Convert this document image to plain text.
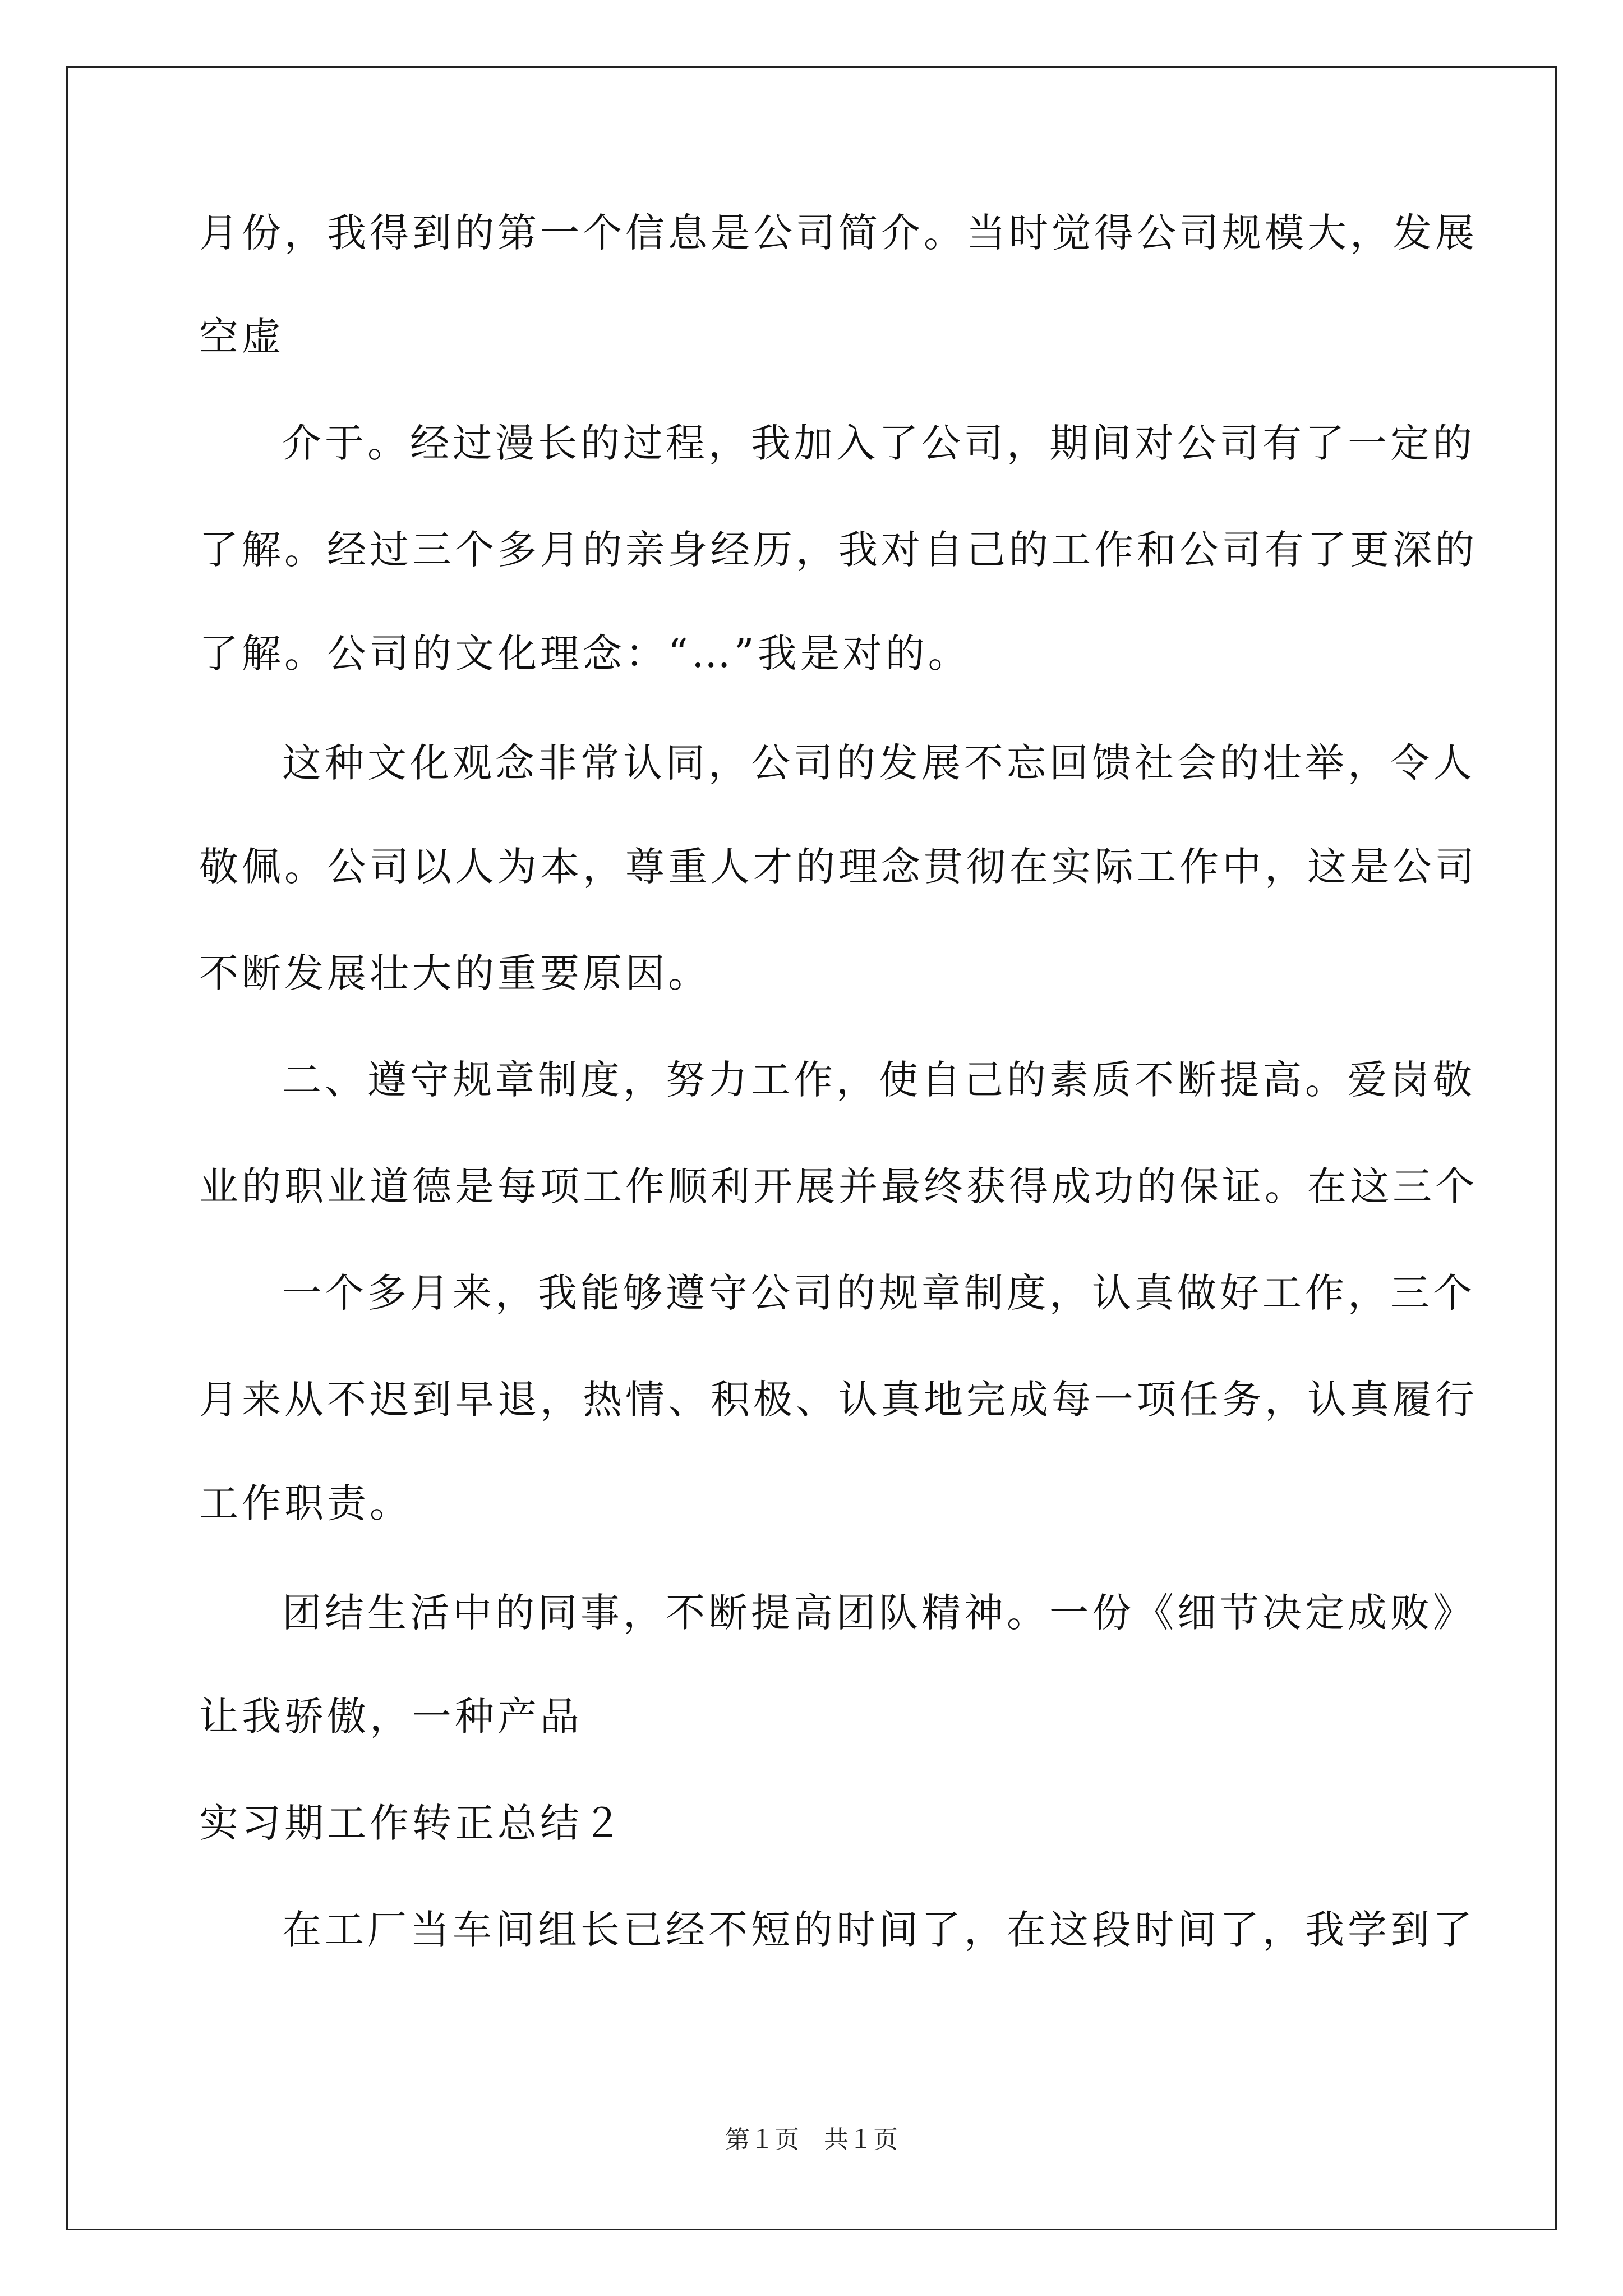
月份，我得到的第一个信息是公司简介。当时觉得公司规模大，发展
空虚
介于。经过漫长的过程，我加入了公司，期间对公司有了一定的
了解。经过三个多月的亲身经历，我对自己的工作和公司有了更深的
了解。公司的文化理念：“…”我是对的。
这种文化观念非常认同，公司的发展不忘回馈社会的壮举，令人
敬佩。公司以人为本，尊重人才的理念贯彻在实际工作中，这是公司
不断发展壮大的重要原因。
二、遵守规章制度，努力工作，使自己的素质不断提高。爱岗敬
业的职业道德是每项工作顺利开展并最终获得成功的保证。在这三个
一个多月来，我能够遵守公司的规章制度，认真做好工作，三个
月来从不迟到早退，热情、积极、认真地完成每一项任务，认真履行
工作职责。
团结生活中的同事，不断提高团队精神。一份《细节决定成败》
让我骄傲，一种产品
实习期工作转正总结２
在工厂当车间组长已经不短的时间了，在这段时间了，我学到了
第１页　共１页
